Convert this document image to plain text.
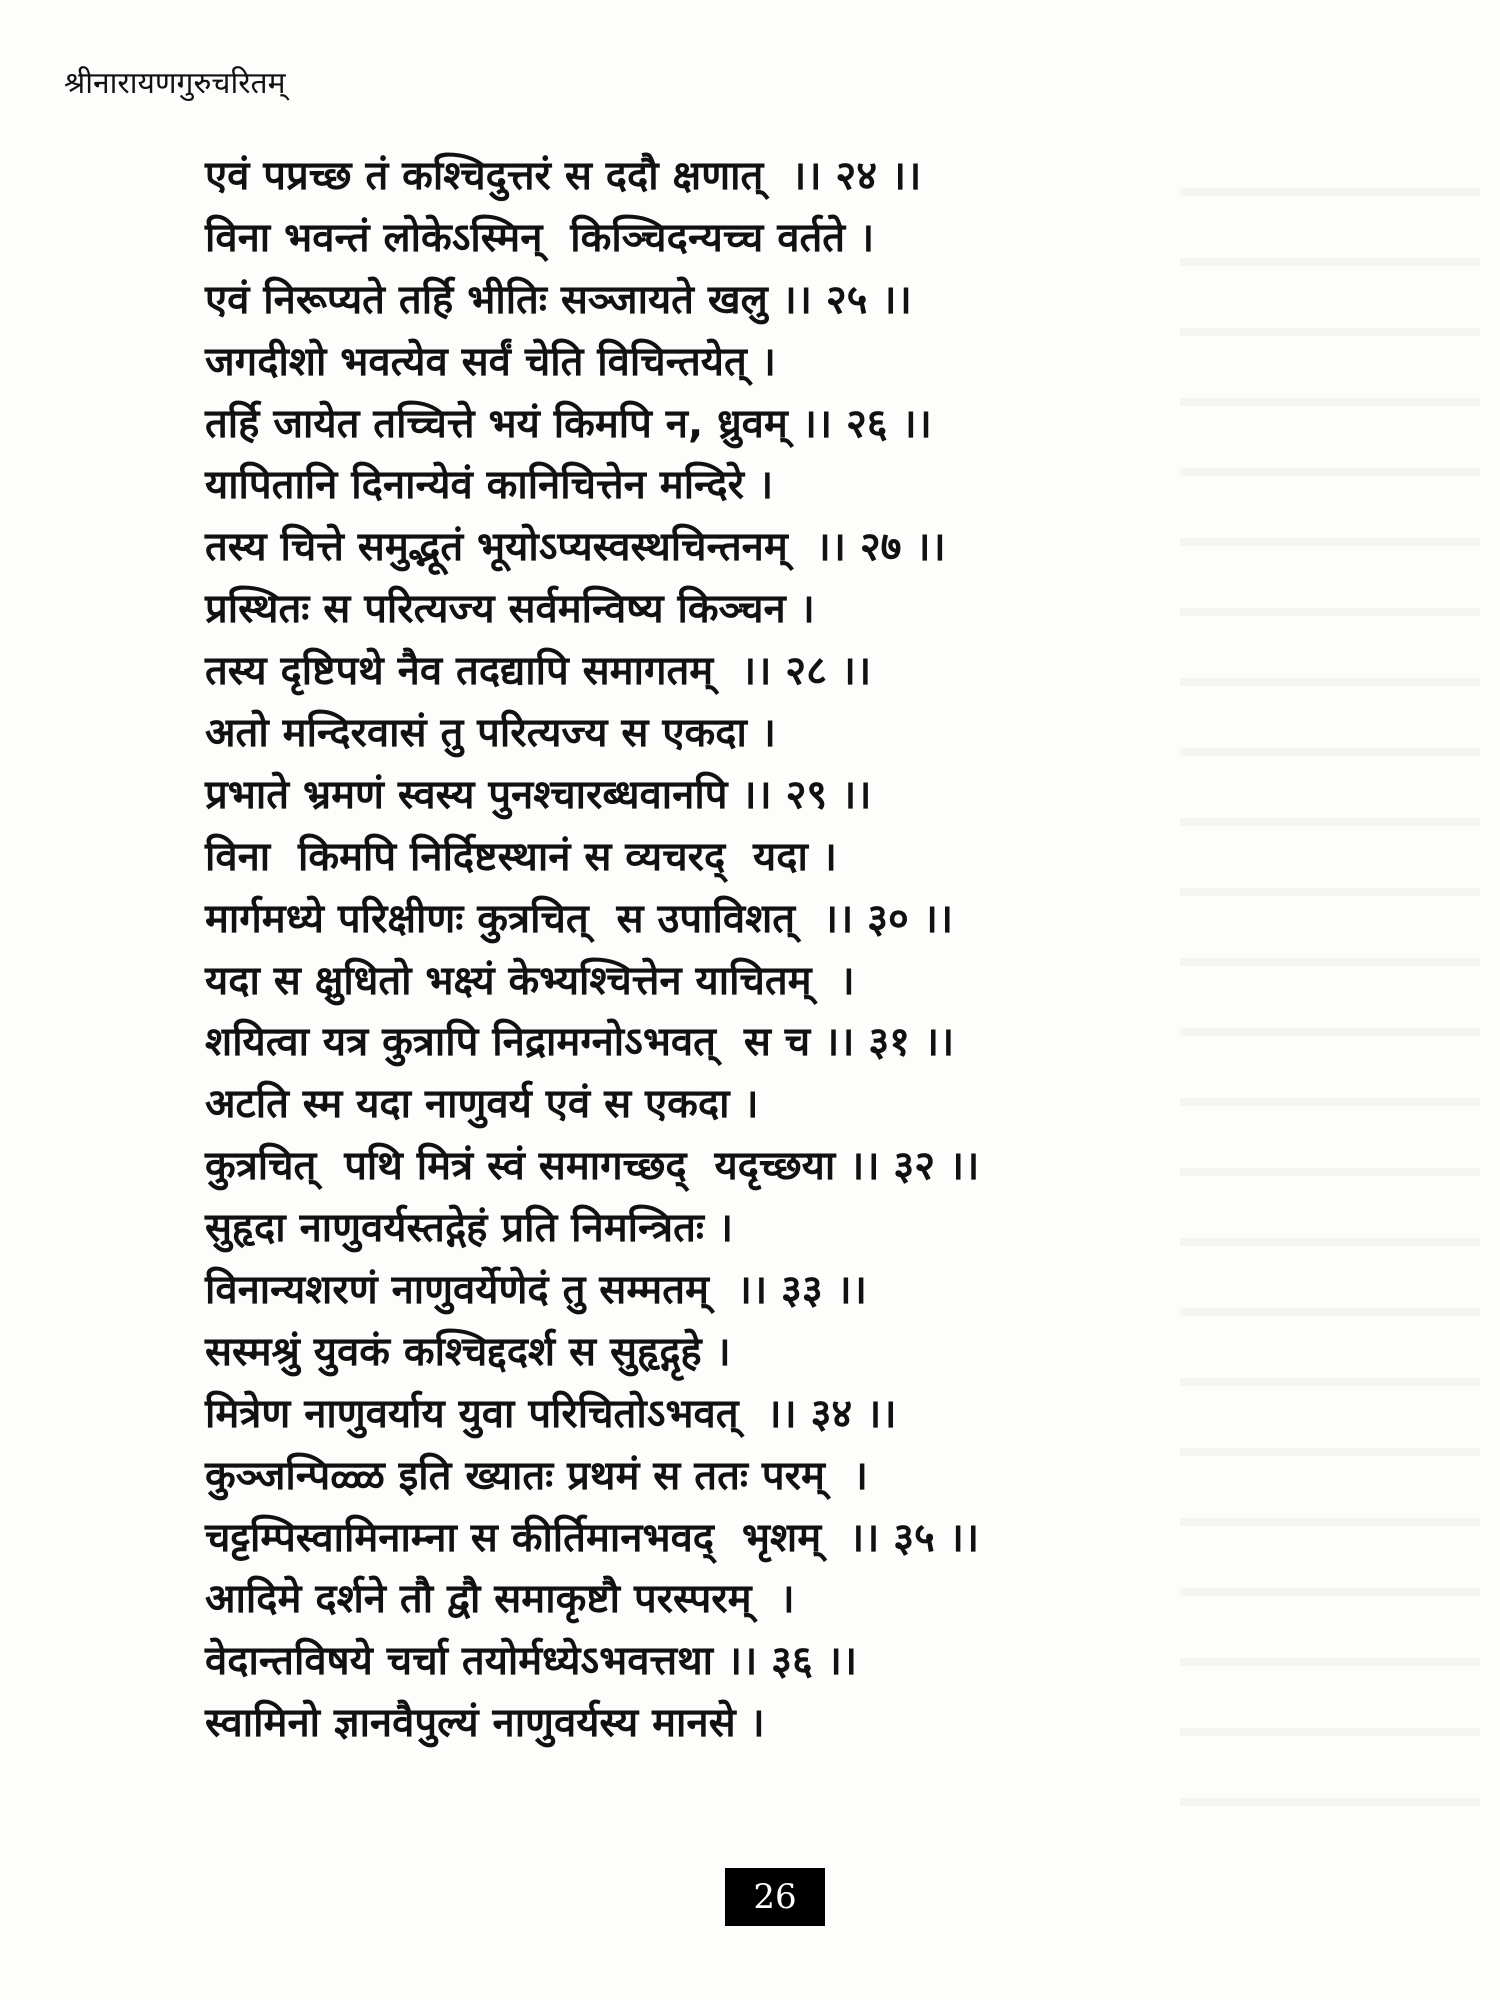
श्रीनारायणगुरुचरितम्
एवं पप्रच्छ तं कश्चिदुत्तरं स ददौ क्षणात्  ।। २४ ।।
विना भवन्तं लोकेऽस्मिन्  किञ्चिदन्यच्च वर्तते ।
एवं निरूप्यते तर्हि भीतिः सञ्जायते खलु ।। २५ ।।
जगदीशो भवत्येव सर्वं चेति विचिन्तयेत् ।
तर्हि जायेत तच्चित्ते भयं किमपि न, ध्रुवम् ।। २६ ।।
यापितानि दिनान्येवं कानिचित्तेन मन्दिरे ।
तस्य चित्ते समुद्भूतं भूयोऽप्यस्वस्थचिन्तनम्  ।। २७ ।।
प्रस्थितः स परित्यज्य सर्वमन्विष्य किञ्चन ।
तस्य दृष्टिपथे नैव तदद्यापि समागतम्  ।। २८ ।।
अतो मन्दिरवासं तु परित्यज्य स एकदा ।
प्रभाते भ्रमणं स्वस्य पुनश्चारब्धवानपि ।। २९ ।।
विना  किमपि निर्दिष्टस्थानं स व्यचरद्  यदा ।
मार्गमध्ये परिक्षीणः कुत्रचित्  स उपाविशत्  ।। ३० ।।
यदा स क्षुधितो भक्ष्यं केभ्यश्चित्तेन याचितम्  ।
शयित्वा यत्र कुत्रापि निद्रामग्नोऽभवत्  स च ।। ३१ ।।
अटति स्म यदा नाणुवर्य एवं स एकदा ।
कुत्रचित्  पथि मित्रं स्वं समागच्छद्  यदृच्छया ।। ३२ ।।
सुहृदा नाणुवर्यस्तद्गेहं प्रति निमन्त्रितः ।
विनान्यशरणं नाणुवर्येणेदं तु सम्मतम्  ।। ३३ ।।
सस्मश्रुं युवकं कश्चिद्ददर्श स सुहृद्गृहे ।
मित्रेण नाणुवर्याय युवा परिचितोऽभवत्  ।। ३४ ।।
कुञ्जन्पिळ्ळ इति ख्यातः प्रथमं स ततः परम्  ।
चट्टम्पिस्वामिनाम्ना स कीर्तिमानभवद्  भृशम्  ।। ३५ ।।
आदिमे दर्शने तौ द्वौ समाकृष्टौ परस्परम्  ।
वेदान्तविषये चर्चा तयोर्मध्येऽभवत्तथा ।। ३६ ।।
स्वामिनो ज्ञानवैपुल्यं नाणुवर्यस्य मानसे ।
26
